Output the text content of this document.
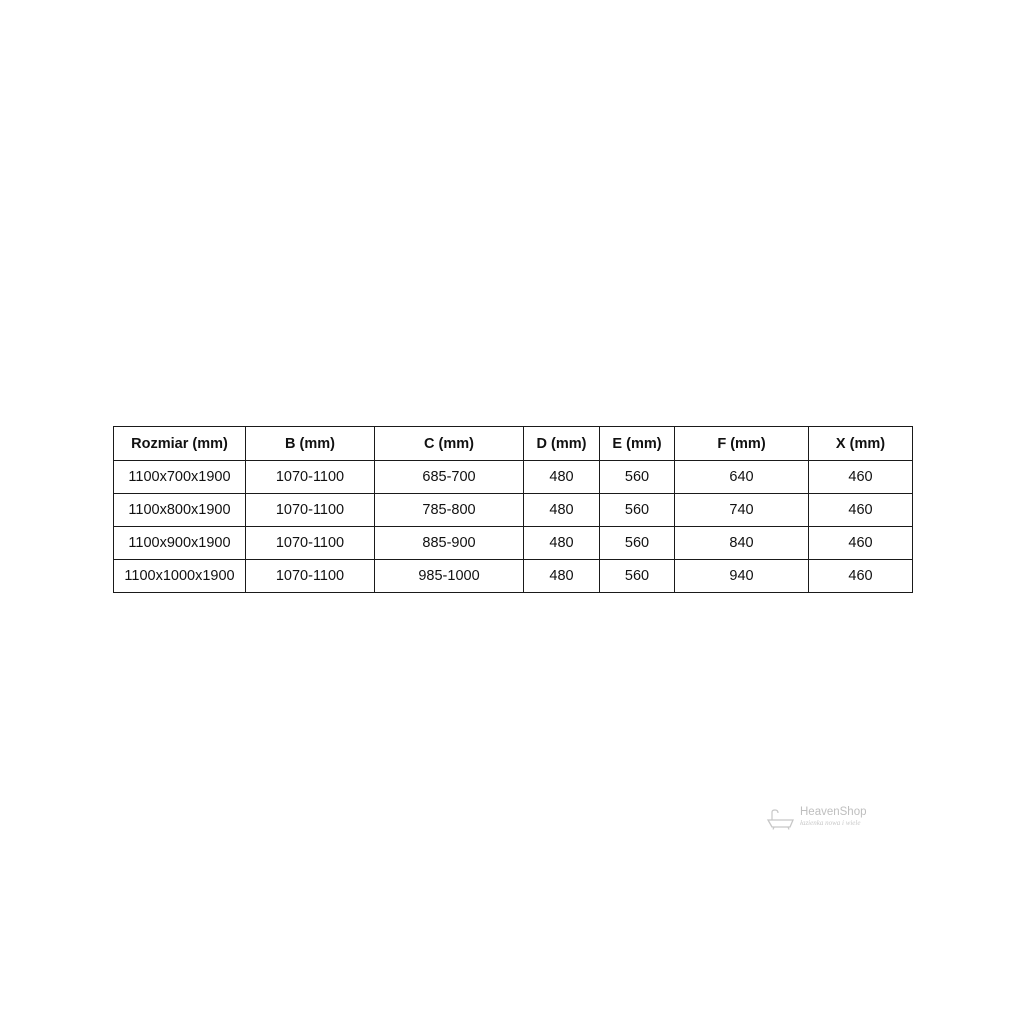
Rozmiar (mm)	B (mm)	C (mm)	D (mm)	E (mm)	F (mm)	X (mm)
1100x700x1900	1070-1100	685-700	480	560	640	460
1100x800x1900	1070-1100	785-800	480	560	740	460
1100x900x1900	1070-1100	885-900	480	560	840	460
1100x1000x1900	1070-1100	985-1000	480	560	940	460
HeavenShop
łazienka nowa i wiele
